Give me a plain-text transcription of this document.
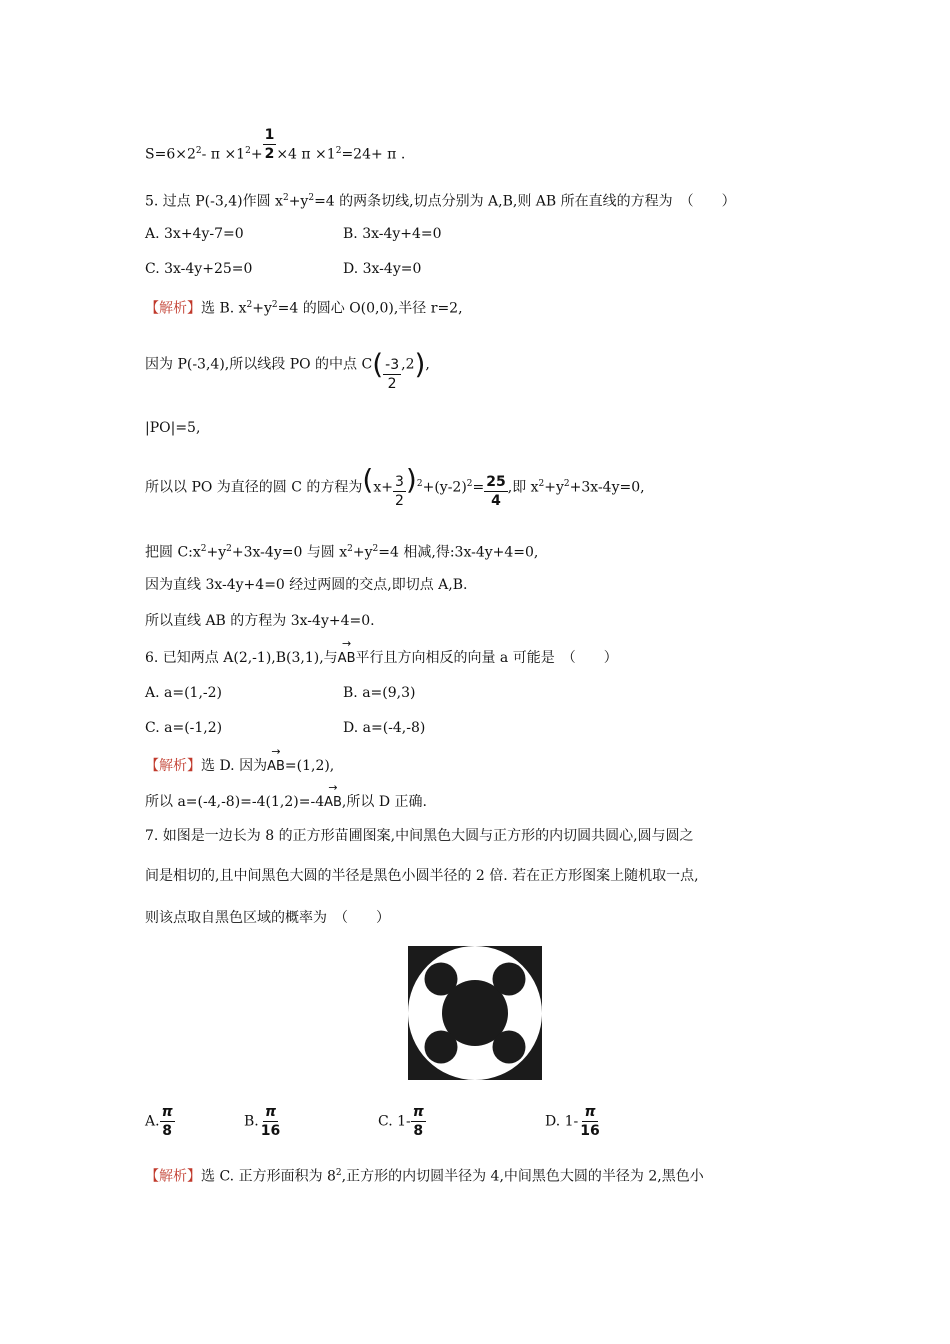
$S=6\times 2^2-$ $\pi \times 1^2+ \frac{1}{2} \times 4$ $\pi \times 1^2=24+ \pi$ .
5. 过点 P(-3,4)作圆 $x^2+y^2=4$ 的两条切线,切点分别为 A,B,则 AB 所在直线的方程为　（　　）
A. 3x+4y-7=0	B. 3x-4y+4=0
C. 3x-4y+25=0	D. 3x-4y=0
【解析】选 B. $x^2+y^2=4$ 的圆心 O(0,0),半径 r=2,
因为 P(-3,4),所以线段 PO 的中点 $C( \frac{-3}{2} ,2)$,
|PO|=5,
所以以 PO 为直径的圆 C 的方程为$(x+ \frac{3}{2} )^2+(y-2)^2= \frac{25}{4}$ ,即 $x^2+y^2+3x-4y=0$,
把圆 $C:x^2+y^2+3x-4y=0$ 与圆 $x^2+y^2=4$ 相减,得:3x-4y+4=0,
因为直线 3x-4y+4=0 经过两圆的交点,即切点 A,B.
所以直线 AB 的方程为 3x-4y+4=0.
6. 已知两点 A(2,-1),B(3,1),与
→
AB平行且方向相反的向量 a 可能是　（　　）
A. a=(1,-2)	B. a=(9,3)
C. a=(-1,2)	D. a=(-4,-8)
【解析】选 D. 因为
→
AB=(1,2),
所以 a=(-4,-8)=-4(1,2)=-4
→
AB,所以 D 正确.
7. 如图是一边长为 8 的正方形苗圃图案,中间黑色大圆与正方形的内切圆共圆心,圆与圆之
间是相切的,且中间黑色大圆的半径是黑色小圆半径的 2 倍. 若在正方形图案上随机取一点,
则该点取自黑色区域的概率为　（　　）
A. $\frac{\pi}{8}$	B. $\frac{\pi}{16}$	C. $1- \frac{\pi}{8}$	D. $1- \frac{\pi}{16}$
【解析】选 C. 正方形面积为 $8^2$,正方形的内切圆半径为 4,中间黑色大圆的半径为 2,黑色小
